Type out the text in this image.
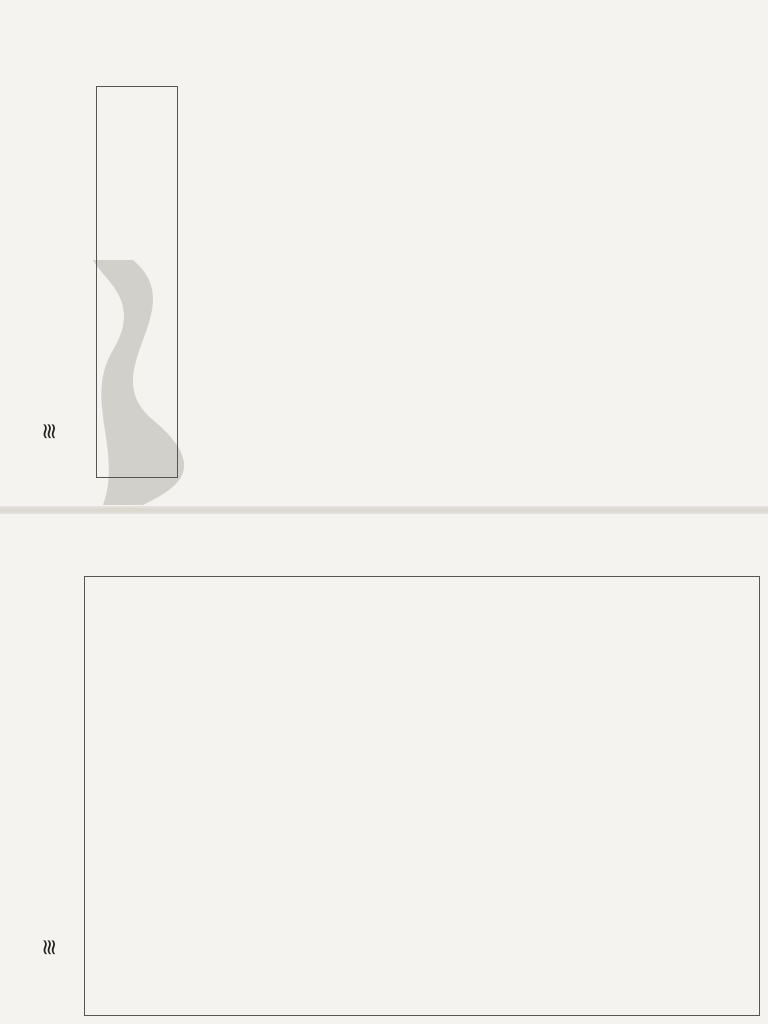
≋

≋
